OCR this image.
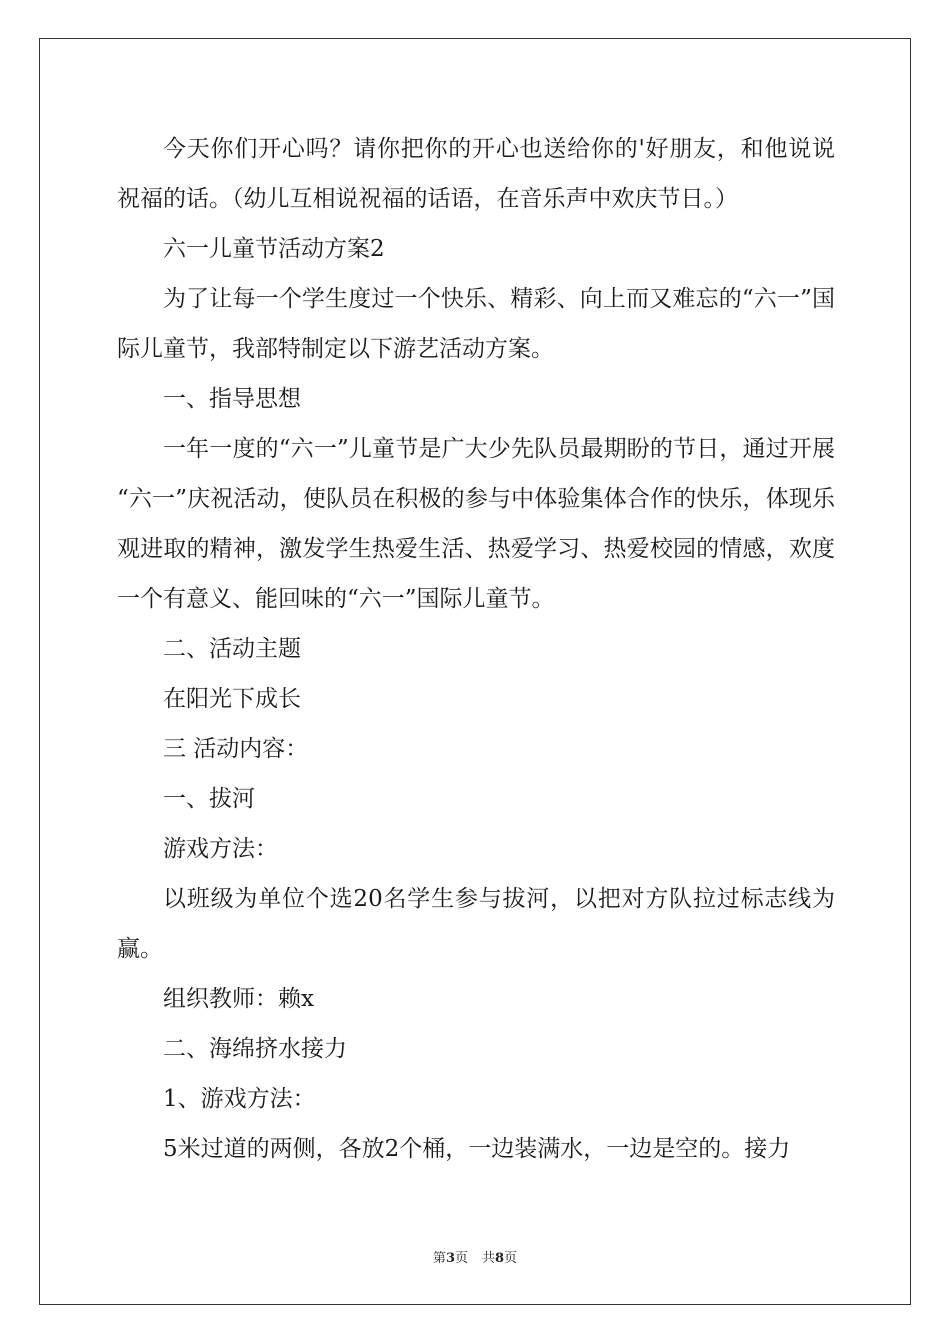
今天你们开心吗？请你把你的开心也送给你的'好朋友，和他说说祝福的话。（幼儿互相说祝福的话语，在音乐声中欢庆节日。）

六一儿童节活动方案2

为了让每一个学生度过一个快乐、精彩、向上而又难忘的“六一”国际儿童节，我部特制定以下游艺活动方案。

一、指导思想

一年一度的“六一”儿童节是广大少先队员最期盼的节日，通过开展 “六一”庆祝活动，使队员在积极的参与中体验集体合作的快乐，体现乐观进取的精神，激发学生热爱生活、热爱学习、热爱校园的情感，欢度一个有意义、能回味的“六一”国际儿童节。

二、活动主题

在阳光下成长

三 活动内容：

一、拔河

游戏方法：

以班级为单位个选20名学生参与拔河，以把对方队拉过标志线为赢。

组织教师：赖x

二、海绵挤水接力

1、游戏方法：

5米过道的两侧，各放2个桶，一边装满水，一边是空的。接力

第3页 共8页
